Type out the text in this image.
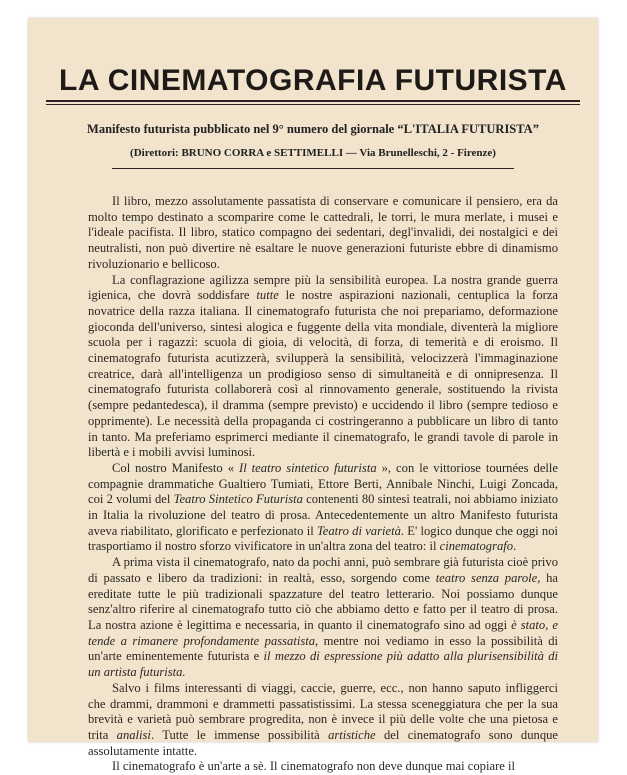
LA CINEMATOGRAFIA FUTURISTA
Manifesto futurista pubblicato nel 9° numero del giornale “L'ITALIA FUTURISTA”
(Direttori: BRUNO CORRA e SETTIMELLI — Via Brunelleschi, 2 - Firenze)

Il libro, mezzo assolutamente passatista di conservare e comunicare il pensiero, era da molto tempo destinato a scomparire come le cattedrali, le torri, le mura merlate, i musei e l'ideale pacifista. Il libro, statico compagno dei sedentari, degl'invalidi, dei nostalgici e dei neutralisti, non può divertire nè esaltare le nuove generazioni futuriste ebbre di dinamismo rivoluzionario e bellicoso.

La conflagrazione agilizza sempre più la sensibilità europea. La nostra grande guerra igienica, che dovrà soddisfare tutte le nostre aspirazioni nazionali, centuplica la forza novatrice della razza italiana. Il cinematografo futurista che noi prepariamo, deformazione gioconda dell'universo, sintesi alogica e fuggente della vita mondiale, diventerà la migliore scuola per i ragazzi: scuola di gioia, di velocità, di forza, di temerità e di eroismo. Il cinematografo futurista acutizzerà, svilupperà la sensibilità, velocizzerà l'immaginazione creatrice, darà all'intelligenza un prodigioso senso di simultaneità e di onnipresenza. Il cinematografo futurista collaborerà così al rinnovamento generale, sostituendo la rivista (sempre pedantedesca), il dramma (sempre previsto) e uccidendo il libro (sempre tedioso e opprimente). Le necessità della propaganda ci costringeranno a pubblicare un libro di tanto in tanto. Ma preferiamo esprimerci mediante il cinematografo, le grandi tavole di parole in libertà e i mobili avvisi luminosi.

Col nostro Manifesto « Il teatro sintetico futurista », con le vittoriose tournées delle compagnie drammatiche Gualtiero Tumiati, Ettore Berti, Annibale Ninchi, Luigi Zoncada, coi 2 volumi del Teatro Sintetico Futurista contenenti 80 sintesi teatrali, noi abbiamo iniziato in Italia la rivoluzione del teatro di prosa. Antecedentemente un altro Manifesto futurista aveva riabilitato, glorificato e perfezionato il Teatro di varietà. E' logico dunque che oggi noi trasportiamo il nostro sforzo vivificatore in un'altra zona del teatro: il cinematografo.

A prima vista il cinematografo, nato da pochi anni, può sembrare già futurista cioè privo di passato e libero da tradizioni: in realtà, esso, sorgendo come teatro senza parole, ha ereditate tutte le più tradizionali spazzature del teatro letterario. Noi possiamo dunque senz'altro riferire al cinematografo tutto ciò che abbiamo detto e fatto per il teatro di prosa. La nostra azione è legittima e necessaria, in quanto il cinematografo sino ad oggi è stato, e tende a rimanere profondamente passatista, mentre noi vediamo in esso la possibilità di un'arte eminentemente futurista e il mezzo di espressione più adatto alla plurisensibilità di un artista futurista.

Salvo i films interessanti di viaggi, caccie, guerre, ecc., non hanno saputo infliggerci che drammi, drammoni e drammetti passatistissimi. La stessa sceneggiatura che per la sua brevità e varietà può sembrare progredita, non è invece il più delle volte che una pietosa e trita analisi. Tutte le immense possibilità artistiche del cinematografo sono dunque assolutamente intatte.

Il cinematografo è un'arte a sè. Il cinematografo non deve dunque mai copiare il
